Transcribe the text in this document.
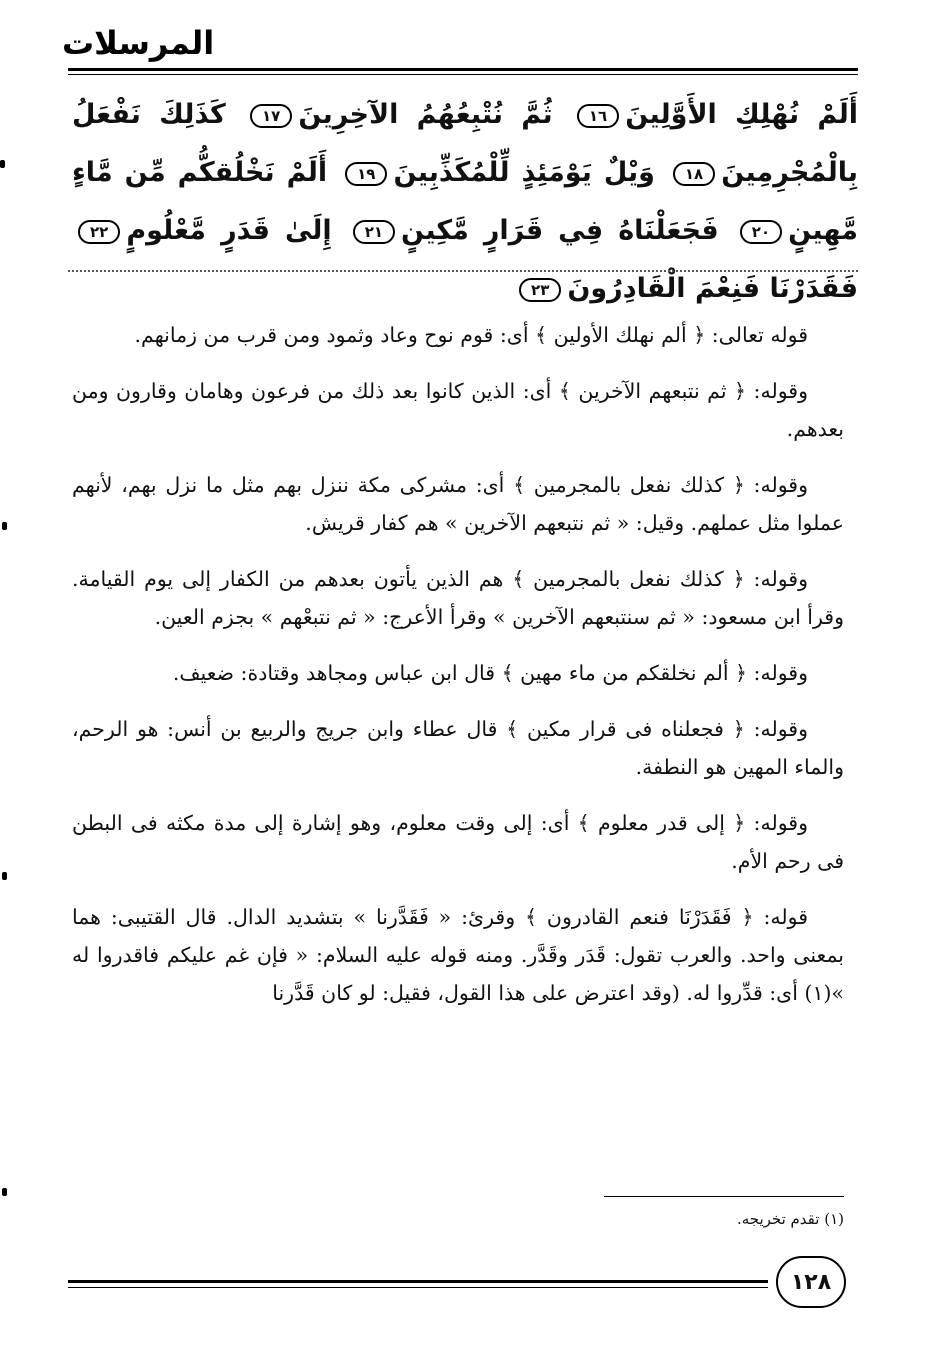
المرسلات
أَلَمْ نُهْلِكِ الأَوَّلِينَ١٦ ثُمَّ نُتْبِعُهُمُ الآخِرِينَ١٧ كَذَلِكَ نَفْعَلُ بِالْمُجْرِمِينَ١٨ وَيْلٌ يَوْمَئِذٍ لِّلْمُكَذِّبِينَ١٩ أَلَمْ نَخْلُقكُّم مِّن مَّاءٍ مَّهِينٍ٢٠ فَجَعَلْنَاهُ فِي قَرَارٍ مَّكِينٍ٢١ إِلَىٰ قَدَرٍ مَّعْلُومٍ٢٢ فَقَدَرْنَا فَنِعْمَ الْقَادِرُونَ٢٣

قوله تعالى: ﴿ ألم نهلك الأولين ﴾ أى: قوم نوح وعاد وثمود ومن قرب من زمانهم.

وقوله: ﴿ ثم نتبعهم الآخرين ﴾ أى: الذين كانوا بعد ذلك من فرعون وهامان وقارون ومن بعدهم.

وقوله: ﴿ كذلك نفعل بالمجرمين ﴾ أى: مشركى مكة ننزل بهم مثل ما نزل بهم، لأنهم عملوا مثل عملهم. وقيل: « ثم نتبعهم الآخرين » هم كفار قريش.

وقوله: ﴿ كذلك نفعل بالمجرمين ﴾ هم الذين يأتون بعدهم من الكفار إلى يوم القيامة. وقرأ ابن مسعود: « ثم سنتبعهم الآخرين » وقرأ الأعرج: « ثم نتبعْهم » بجزم العين.

وقوله: ﴿ ألم نخلقكم من ماء مهين ﴾ قال ابن عباس ومجاهد وقتادة: ضعيف.

وقوله: ﴿ فجعلناه فى قرار مكين ﴾ قال عطاء وابن جريج والربيع بن أنس: هو الرحم، والماء المهين هو النطفة.

وقوله: ﴿ إلى قدر معلوم ﴾ أى: إلى وقت معلوم، وهو إشارة إلى مدة مكثه فى البطن فى رحم الأم.

قوله: ﴿ فَقَدَرْنَا فنعم القادرون ﴾ وقرئ: « فَقَدَّرنا » بتشديد الدال. قال القتيبى: هما بمعنى واحد. والعرب تقول: قَدَر وقَدَّر. ومنه قوله عليه السلام: « فإن غم عليكم فاقدروا له »(١) أى: قدِّروا له. (وقد اعترض على هذا القول، فقيل: لو كان قَدَّرنا

(١) تقدم تخريجه.
١٢٨
